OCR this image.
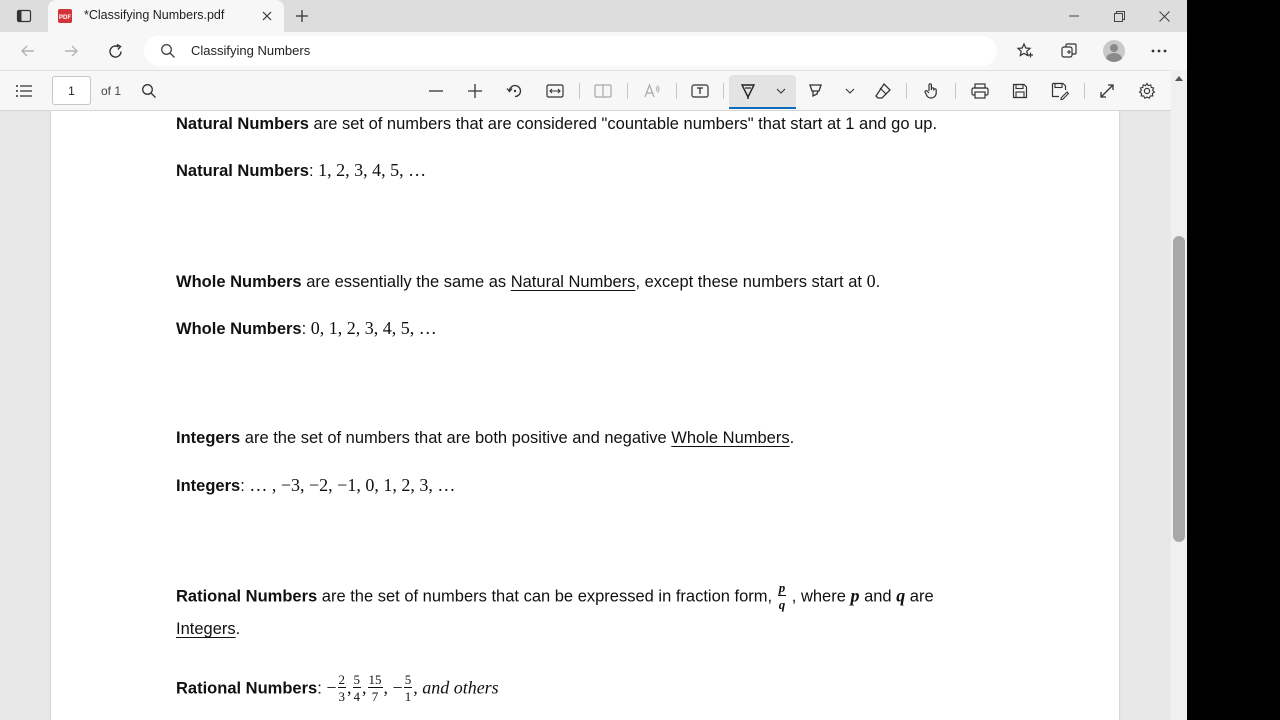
PDF *Classifying Numbers.pdf
Classifying Numbers
1	of 1
Natural Numbers are set of numbers that are considered "countable numbers" that start at 1 and go up.
Natural Numbers: 1, 2, 3, 4, 5, …
Whole Numbers are essentially the same as Natural Numbers, except these numbers start at 0.
Whole Numbers: 0, 1, 2, 3, 4, 5, …
Integers are the set of numbers that are both positive and negative Whole Numbers.
Integers: … , −3, −2, −1, 0, 1, 2, 3, …
Rational Numbers are the set of numbers that can be expressed in fraction form, $\frac{p}{q}$ , where p and q are
Integers.
Rational Numbers: − $\frac{2}{3}$ , $\frac{5}{4}$ , $\frac{15}{7}$ , − $\frac{5}{1}$ , and others
